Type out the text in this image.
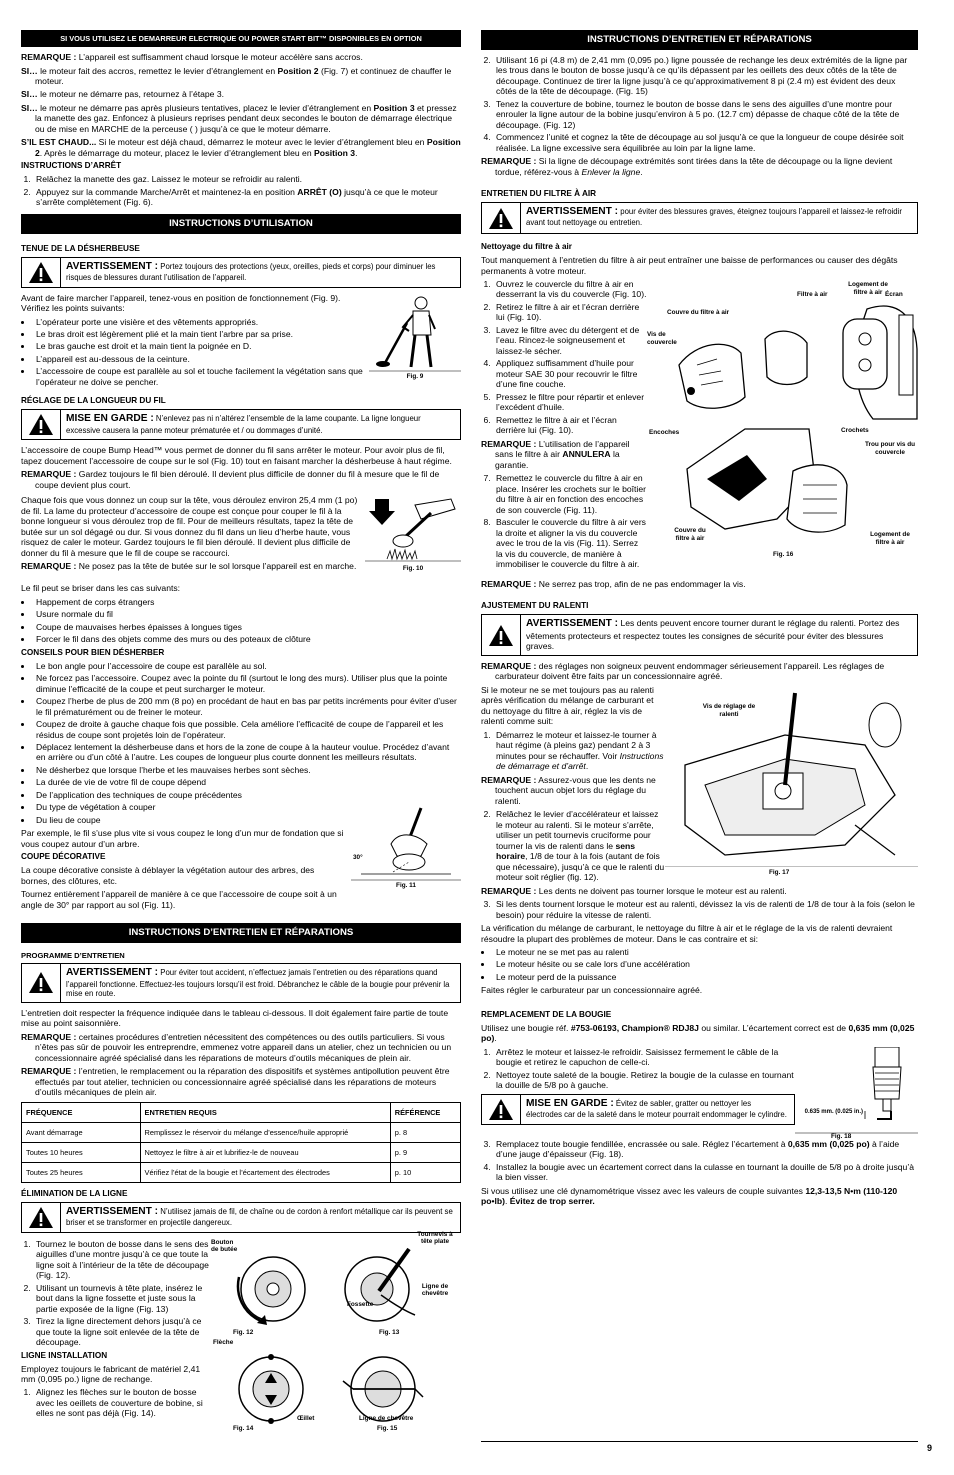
SI VOUS UTILISEZ LE DEMARREUR ELECTRIQUE OU POWER START BIT™ DISPONIBLES EN OPTION

REMARQUE : L’appareil est suffisamment chaud lorsque le moteur accélère sans accros.

SI… le moteur fait des accros, remettez le levier d’étranglement en Position 2 (Fig. 7) et continuez de chauffer le moteur.

SI… le moteur ne démarre pas, retournez à l’étape 3.

SI… le moteur ne démarre pas après plusieurs tentatives, placez le levier d’étranglement en Position 3 et pressez la manette des gaz. Enfoncez à plusieurs reprises pendant deux secondes le bouton de démarrage électrique ou de mise en MARCHE de la perceuse ( ) jusqu’à ce que le moteur démarre.

S’IL EST CHAUD... Si le moteur est déjà chaud, démarrez le moteur avec le levier d’étranglement bleu en Position 2. Après le démarrage du moteur, placez le levier d’étranglement bleu en Position 3.

INSTRUCTIONS D’ARRÊT
1. Relâchez la manette des gaz. Laissez le moteur se refroidir au ralenti.
2. Appuyez sur la commande Marche/Arrêt et maintenez-la en position ARRÊT (O) jusqu’à ce que le moteur s’arrête complètement (Fig. 6).
INSTRUCTIONS D’UTILISATION
TENUE DE LA DÉSHERBEUSE
AVERTISSEMENT : Portez toujours des protections (yeux, oreilles, pieds et corps) pour diminuer les risques de blessures durant l’utilisation de l’appareil.
Fig. 9

Avant de faire marcher l’appareil, tenez-vous en position de fonctionnement (Fig. 9). Vérifiez les points suivants:

• L’opérateur porte une visière et des vêtements appropriés.
• Le bras droit est légèrement plié et la main tient l’arbre par sa prise.
• Le bras gauche est droit et la main tient la poignée en D.
• L’appareil est au-dessous de la ceinture.
• L’accessoire de coupe est parallèle au sol et touche facilement la végétation sans que l’opérateur ne doive se pencher.
RÉGLAGE DE LA LONGUEUR DU FIL
MISE EN GARDE : N’enlevez pas ni n’altérez l’ensemble de la lame coupante. La ligne longueur excessive causera la panne moteur prématurée et / ou dommages d’unité.

L’accessoire de coupe Bump Head™ vous permet de donner du fil sans arrêter le moteur. Pour avoir plus de fil, tapez doucement l’accessoire de coupe sur le sol (Fig. 10) tout en faisant marcher la désherbeuse à haut régime.

REMARQUE : Gardez toujours le fil bien déroulé. Il devient plus difficile de donner du fil à mesure que le fil de coupe devient plus court.

Fig. 10

Chaque fois que vous donnez un coup sur la tête, vous déroulez environ 25,4 mm (1 po) de fil. La lame du protecteur d’accessoire de coupe est conçue pour couper le fil à la bonne longueur si vous déroulez trop de fil. Pour de meilleurs résultats, tapez la tête de butée sur un sol dégagé ou dur. Si vous donnez du fil dans un lieu d’herbe haute, vous risquez de caler le moteur. Gardez toujours le fil bien déroulé. Il devient plus difficile de donner du fil à mesure que le fil de coupe se raccourci.

REMARQUE : Ne posez pas la tête de butée sur le sol lorsque l’appareil est en marche.

Le fil peut se briser dans les cas suivants:

• Happement de corps étrangers
• Usure normale du fil
• Coupe de mauvaises herbes épaisses à longues tiges
• Forcer le fil dans des objets comme des murs ou des poteaux de clôture
CONSEILS POUR BIEN DÉSHERBER
• Le bon angle pour l’accessoire de coupe est parallèle au sol.
• Ne forcez pas l’accessoire. Coupez avec la pointe du fil (surtout le long des murs). Utiliser plus que la pointe diminue l’efficacité de la coupe et peut surcharger le moteur.
• Coupez l’herbe de plus de 200 mm (8 po) en procédant de haut en bas par petits incréments pour éviter d’user le fil prématurément ou de freiner le moteur.
• Coupez de droite à gauche chaque fois que possible. Cela améliore l’efficacité de coupe de l’appareil et les résidus de coupe sont projetés loin de l’opérateur.
• Déplacez lentement la désherbeuse dans et hors de la zone de coupe à la hauteur voulue. Procédez d’avant en arrière ou d’un côté à l’autre. Les coupes de longueur plus courte donnent les meilleurs résultats.
• Ne désherbez que lorsque l’herbe et les mauvaises herbes sont sèches.
• La durée de vie de votre fil de coupe dépend
• De l’application des techniques de coupe précédentes
• Du type de végétation à couper
• Du lieu de coupe
30°
Fig. 11

Par exemple, le fil s’use plus vite si vous coupez le long d’un mur de fondation que si vous coupez autour d’un arbre.

COUPE DÉCORATIVE

La coupe décorative consiste à déblayer la végétation autour des arbres, des bornes, des clôtures, etc.

Tournez entièrement l’appareil de manière à ce que l’accessoire de coupe soit à un angle de 30° par rapport au sol (Fig. 11).

INSTRUCTIONS D’ENTRETIEN ET RÉPARATIONS
PROGRAMME D’ENTRETIEN
AVERTISSEMENT : Pour éviter tout accident, n’effectuez jamais l’entretien ou des réparations quand l’appareil fonctionne. Effectuez-les toujours lorsqu’il est froid. Débranchez le câble de la bougie pour prévenir la mise en route.

L’entretien doit respecter la fréquence indiquée dans le tableau ci-dessous. Il doit également faire partie de toute mise au point saisonnière.

REMARQUE : certaines procédures d’entretien nécessitent des compétences ou des outils particuliers. Si vous n’êtes pas sûr de pouvoir les entreprendre, emmenez votre appareil dans un atelier, chez un technicien ou un concessionnaire agréé spécialisé dans les réparations de moteurs d’outils mécaniques de plein air.

REMARQUE : l’entretien, le remplacement ou la réparation des dispositifs et systèmes antipollution peuvent être effectués par tout atelier, technicien ou concessionnaire agréé spécialisé dans les réparations de moteurs d’outils mécaniques de plein air.

FRÉQUENCE	ENTRETIEN REQUIS	RÉFÉRENCE
Avant démarrage	Remplissez le réservoir du mélange d’essence/huile approprié	p. 8
Toutes 10 heures	Nettoyez le filtre à air et lubrifiez-le de nouveau	p. 9
Toutes 25 heures	Vérifiez l’état de la bougie et l’écartement des électrodes	p. 10
ÉLIMINATION DE LA LIGNE
AVERTISSEMENT : N’utilisez jamais de fil, de chaîne ou de cordon à renfort métallique car ils peuvent se briser et se transformer en projectile dangereux.
1. Tournez le bouton de bosse dans le sens des aiguilles d’une montre jusqu’à ce que toute la ligne soit à l’intérieur de la tête de découpage (Fig. 12).
2. Utilisant un tournevis à tête plate, insérez le bout dans la ligne fossette et juste sous la partie exposée de la ligne (Fig. 13)
3. Tirez la ligne directement dehors jusqu’à ce que toute la ligne soit enlevée de la tête de découpage.
LIGNE INSTALLATION

Employez toujours le fabricant de matériel 2,41 mm (0,095 po.) ligne de rechange.

1. Alignez les flèches sur le bouton de bosse avec les oeillets de couverture de bobine, si elles ne sont pas déjà (Fig. 14).
Bouton de butée
Fig. 12
Tournevis à tête plate
Ligne de chevêtre
Fossette
Fig. 13
Flèche
Œillet
Fig. 14
Ligne de chevêtre
Fig. 15
INSTRUCTIONS D’ENTRETIEN ET RÉPARATIONS
2. Utilisant 16 pi (4.8 m) de 2,41 mm (0,095 po.) ligne poussée de rechange les deux extrémités de la ligne par les trous dans le bouton de bosse jusqu’à ce qu’ils dépassent par les oeillets des deux côtés de la tête de découpage. Continuez de tirer la ligne jusqu’à ce qu’approximativement 8 pi (2.4 m) est évident des deux côtés de la tête de découpage. (Fig. 15)
3. Tenez la couverture de bobine, tournez le bouton de bosse dans le sens des aiguilles d’une montre pour enrouler la ligne autour de la bobine jusqu’environ à 5 po. (12.7 cm) dépasse de chaque côté de la tête de découpage. (Fig. 12)
4. Commencez l’unité et cognez la tête de découpage au sol jusqu’à ce que la longueur de coupe désirée soit réalisée. La ligne excessive sera équilibrée au loin par la ligne lame.

REMARQUE : Si la ligne de découpage extrémités sont tirées dans la tête de découpage ou la ligne devient tordue, référez-vous à Enlever la ligne.

ENTRETIEN DU FILTRE À AIR
AVERTISSEMENT : pour éviter des blessures graves, éteignez toujours l’appareil et laissez-le refroidir avant tout nettoyage ou entretien.
Nettoyage du filtre à air

Tout manquement à l’entretien du filtre à air peut entraîner une baisse de performances ou causer des dégâts permanents à votre moteur.

1. Ouvrez le couvercle du filtre à air en desserrant la vis du couvercle (Fig. 10).
2. Retirez le filtre à air et l’écran derrière lui (Fig. 10).
3. Lavez le filtre avec du détergent et de l’eau. Rincez-le soigneusement et laissez-le sécher.
4. Appliquez suffisamment d’huile pour moteur SAE 30 pour recouvrir le filtre d’une fine couche.
5. Pressez le filtre pour répartir et enlever l’excédent d’huile.
6. Remettez le filtre à air et l’écran derrière lui (Fig. 10).

REMARQUE : L’utilisation de l’appareil sans le filtre à air ANNULERA la garantie.

7. Remettez le couvercle du filtre à air en place. Insérer les crochets sur le boîtier du filtre à air en fonction des encoches de son couvercle (Fig. 11).
8. Basculer le couvercle du filtre à air vers la droite et aligner la vis du couvercle avec le trou de la vis (Fig. 11). Serrez la vis du couvercle, de manière à immobiliser le couvercle du filtre à air.
Logement de filtre à air
Filtre à air	Écran
Couvre du filtre à air
Vis de couvercle
Encoches	Crochets
Trou pour vis du couvercle
Couvre du filtre à air
Logement de filtre à air
Fig. 16

REMARQUE : Ne serrez pas trop, afin de ne pas endommager la vis.

AJUSTEMENT DU RALENTI
AVERTISSEMENT : Les dents peuvent encore tourner durant le réglage du ralenti. Portez des vêtements protecteurs et respectez toutes les consignes de sécurité pour éviter des blessures graves.

REMARQUE : des réglages non soigneux peuvent endommager sérieusement l’appareil. Les réglages de carburateur doivent être faits par un concessionnaire agréé.

Si le moteur ne se met toujours pas au ralenti après vérification du mélange de carburant et du nettoyage du filtre à air, réglez la vis de ralenti comme suit:

1. Démarrez le moteur et laissez-le tourner à haut régime (à pleins gaz) pendant 2 à 3 minutes pour se réchauffer. Voir Instructions de démarrage et d’arrêt.

REMARQUE : Assurez-vous que les dents ne touchent aucun objet lors du réglage du ralenti.

2. Relâchez le levier d’accélérateur et laissez le moteur au ralenti. Si le moteur s’arrête, utiliser un petit tournevis cruciforme pour tourner la vis de ralenti dans le sens horaire, 1/8 de tour à la fois (autant de fois que nécessaire), jusqu’à ce que le ralenti du moteur soit réglier (fig. 12).
Vis de réglage de ralenti
Fig. 17

REMARQUE : Les dents ne doivent pas tourner lorsque le moteur est au ralenti.

3. Si les dents tournent lorsque le moteur est au ralenti, dévissez la vis de ralenti de 1/8 de tour à la fois (selon le besoin) pour réduire la vitesse de ralenti.

La vérification du mélange de carburant, le nettoyage du filtre à air et le réglage de la vis de ralenti devraient résoudre la plupart des problèmes de moteur. Dans le cas contraire et si:

• Le moteur ne se met pas au ralenti
• Le moteur hésite ou se cale lors d’une accélération
• Le moteur perd de la puissance

Faites régler le carburateur par un concessionnaire agréé.

REMPLACEMENT DE LA BOUGIE

Utilisez une bougie réf. #753-06193, Champion® RDJ8J ou similar. L’écartement correct est de 0,635 mm (0,025 po).

1. Arrêtez le moteur et laissez-le refroidir. Saisissez fermement le câble de la bougie et retirez le capuchon de celle-ci.
2. Nettoyez toute saleté de la bougie. Retirez la bougie de la culasse en tournant la douille de 5/8 po à gauche.
MISE EN GARDE : Évitez de sabler, gratter ou nettoyer les électrodes car de la saleté dans le moteur pourrait endommager le cylindre.	0.635 mm. (0.025 in.)
Fig. 18
3. Remplacez toute bougie fendillée, encrassée ou sale. Réglez l’écartement à 0,635 mm (0,025 po) à l’aide d’une jauge d’épaisseur (Fig. 18).
4. Installez la bougie avec un écartement correct dans la culasse en tournant la douille de 5/8 po à droite jusqu’à la bien visser.

Si vous utilisez une clé dynamométrique vissez avec les valeurs de couple suivantes 12,3-13,5 N•m (110-120 po•lb). Évitez de trop serrer.

9
